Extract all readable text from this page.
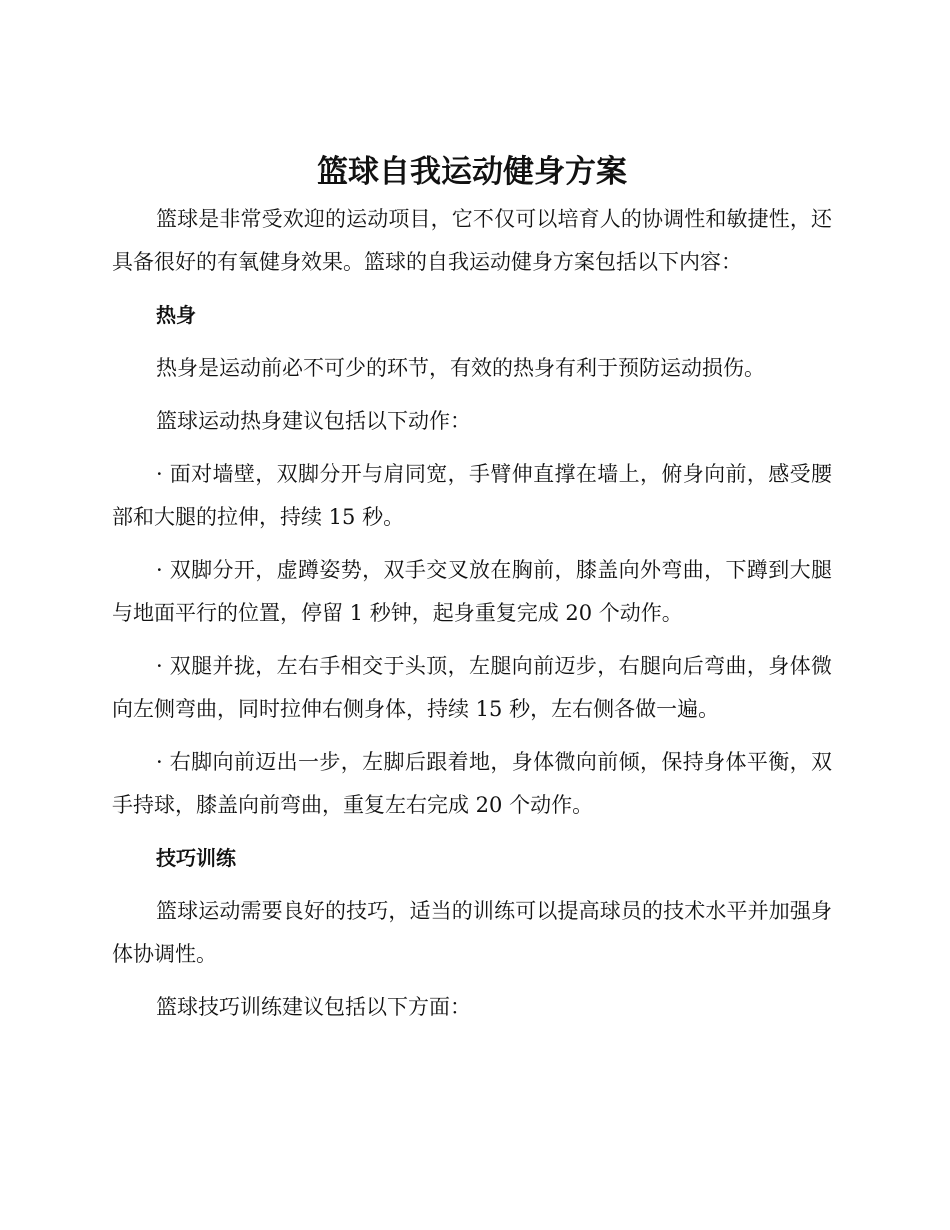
篮球自我运动健身方案

篮球是非常受欢迎的运动项目，它不仅可以培育人的协调性和敏捷性，还具备很好的有氧健身效果。篮球的自我运动健身方案包括以下内容：

热身

热身是运动前必不可少的环节，有效的热身有利于预防运动损伤。

篮球运动热身建议包括以下动作：

· 面对墙壁，双脚分开与肩同宽，手臂伸直撑在墙上，俯身向前，感受腰部和大腿的拉伸，持续 15 秒。

· 双脚分开，虚蹲姿势，双手交叉放在胸前，膝盖向外弯曲，下蹲到大腿与地面平行的位置，停留 1 秒钟，起身重复完成 20 个动作。

· 双腿并拢，左右手相交于头顶，左腿向前迈步，右腿向后弯曲，身体微向左侧弯曲，同时拉伸右侧身体，持续 15 秒，左右侧各做一遍。

· 右脚向前迈出一步，左脚后跟着地，身体微向前倾，保持身体平衡，双手持球，膝盖向前弯曲，重复左右完成 20 个动作。

技巧训练

篮球运动需要良好的技巧，适当的训练可以提高球员的技术水平并加强身体协调性。

篮球技巧训练建议包括以下方面：
